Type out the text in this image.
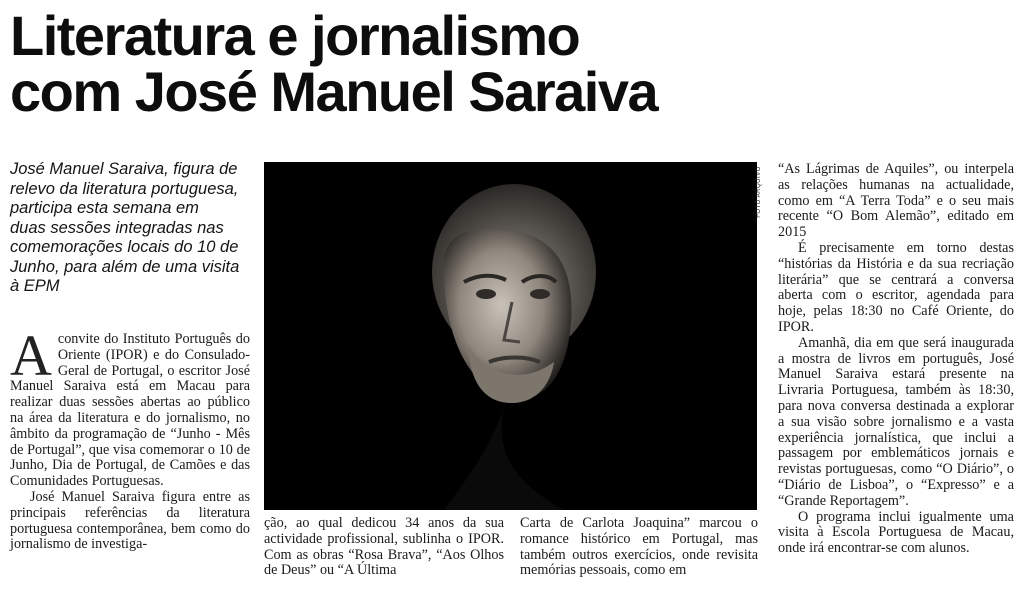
Literatura e jornalismo
com José Manuel Saraiva
José Manuel Saraiva, figura de
relevo da literatura portuguesa,
participa esta semana em
duas sessões integradas nas
comemorações locais do 10 de
Junho, para além de uma visita
à EPM
A convite do Instituto Português do Oriente (IPOR) e do Consulado-Geral de Portugal, o escritor José Manuel Saraiva está em Macau para realizar duas sessões abertas ao público na área da literatura e do jornalismo, no âmbito da programação de “Junho - Mês de Portugal”, que visa comemorar o 10 de Junho, Dia de Portugal, de Camões e das Comunidades Portuguesas.

José Manuel Saraiva figura entre as principais referências da literatura portuguesa contemporânea, bem como do jornalismo de investiga-

FOTO ARQUIVO

ção, ao qual dedicou 34 anos da sua actividade profissional, sublinha o IPOR. Com as obras “Rosa Brava”, “Aos Olhos de Deus” ou “A Última

Carta de Carlota Joaquina” marcou o romance histórico em Portugal, mas também outros exercícios, onde revisita memórias pessoais, como em

“As Lágrimas de Aquiles”, ou interpela as relações humanas na actualidade, como em “A Terra Toda” e o seu mais recente “O Bom Alemão”, editado em 2015

É precisamente em torno destas “histórias da História e da sua recriação literária” que se centrará a conversa aberta com o escritor, agendada para hoje, pelas 18:30 no Café Oriente, do IPOR.

Amanhã, dia em que será inaugurada a mostra de livros em português, José Manuel Saraiva estará presente na Livraria Portuguesa, também às 18:30, para nova conversa destinada a explorar a sua visão sobre jornalismo e a vasta experiência jornalística, que inclui a passagem por emblemáticos jornais e revistas portuguesas, como “O Diário”, o “Diário de Lisboa”, o “Expresso” e a “Grande Reportagem”.

O programa inclui igualmente uma visita à Escola Portuguesa de Macau, onde irá encontrar-se com alunos.
